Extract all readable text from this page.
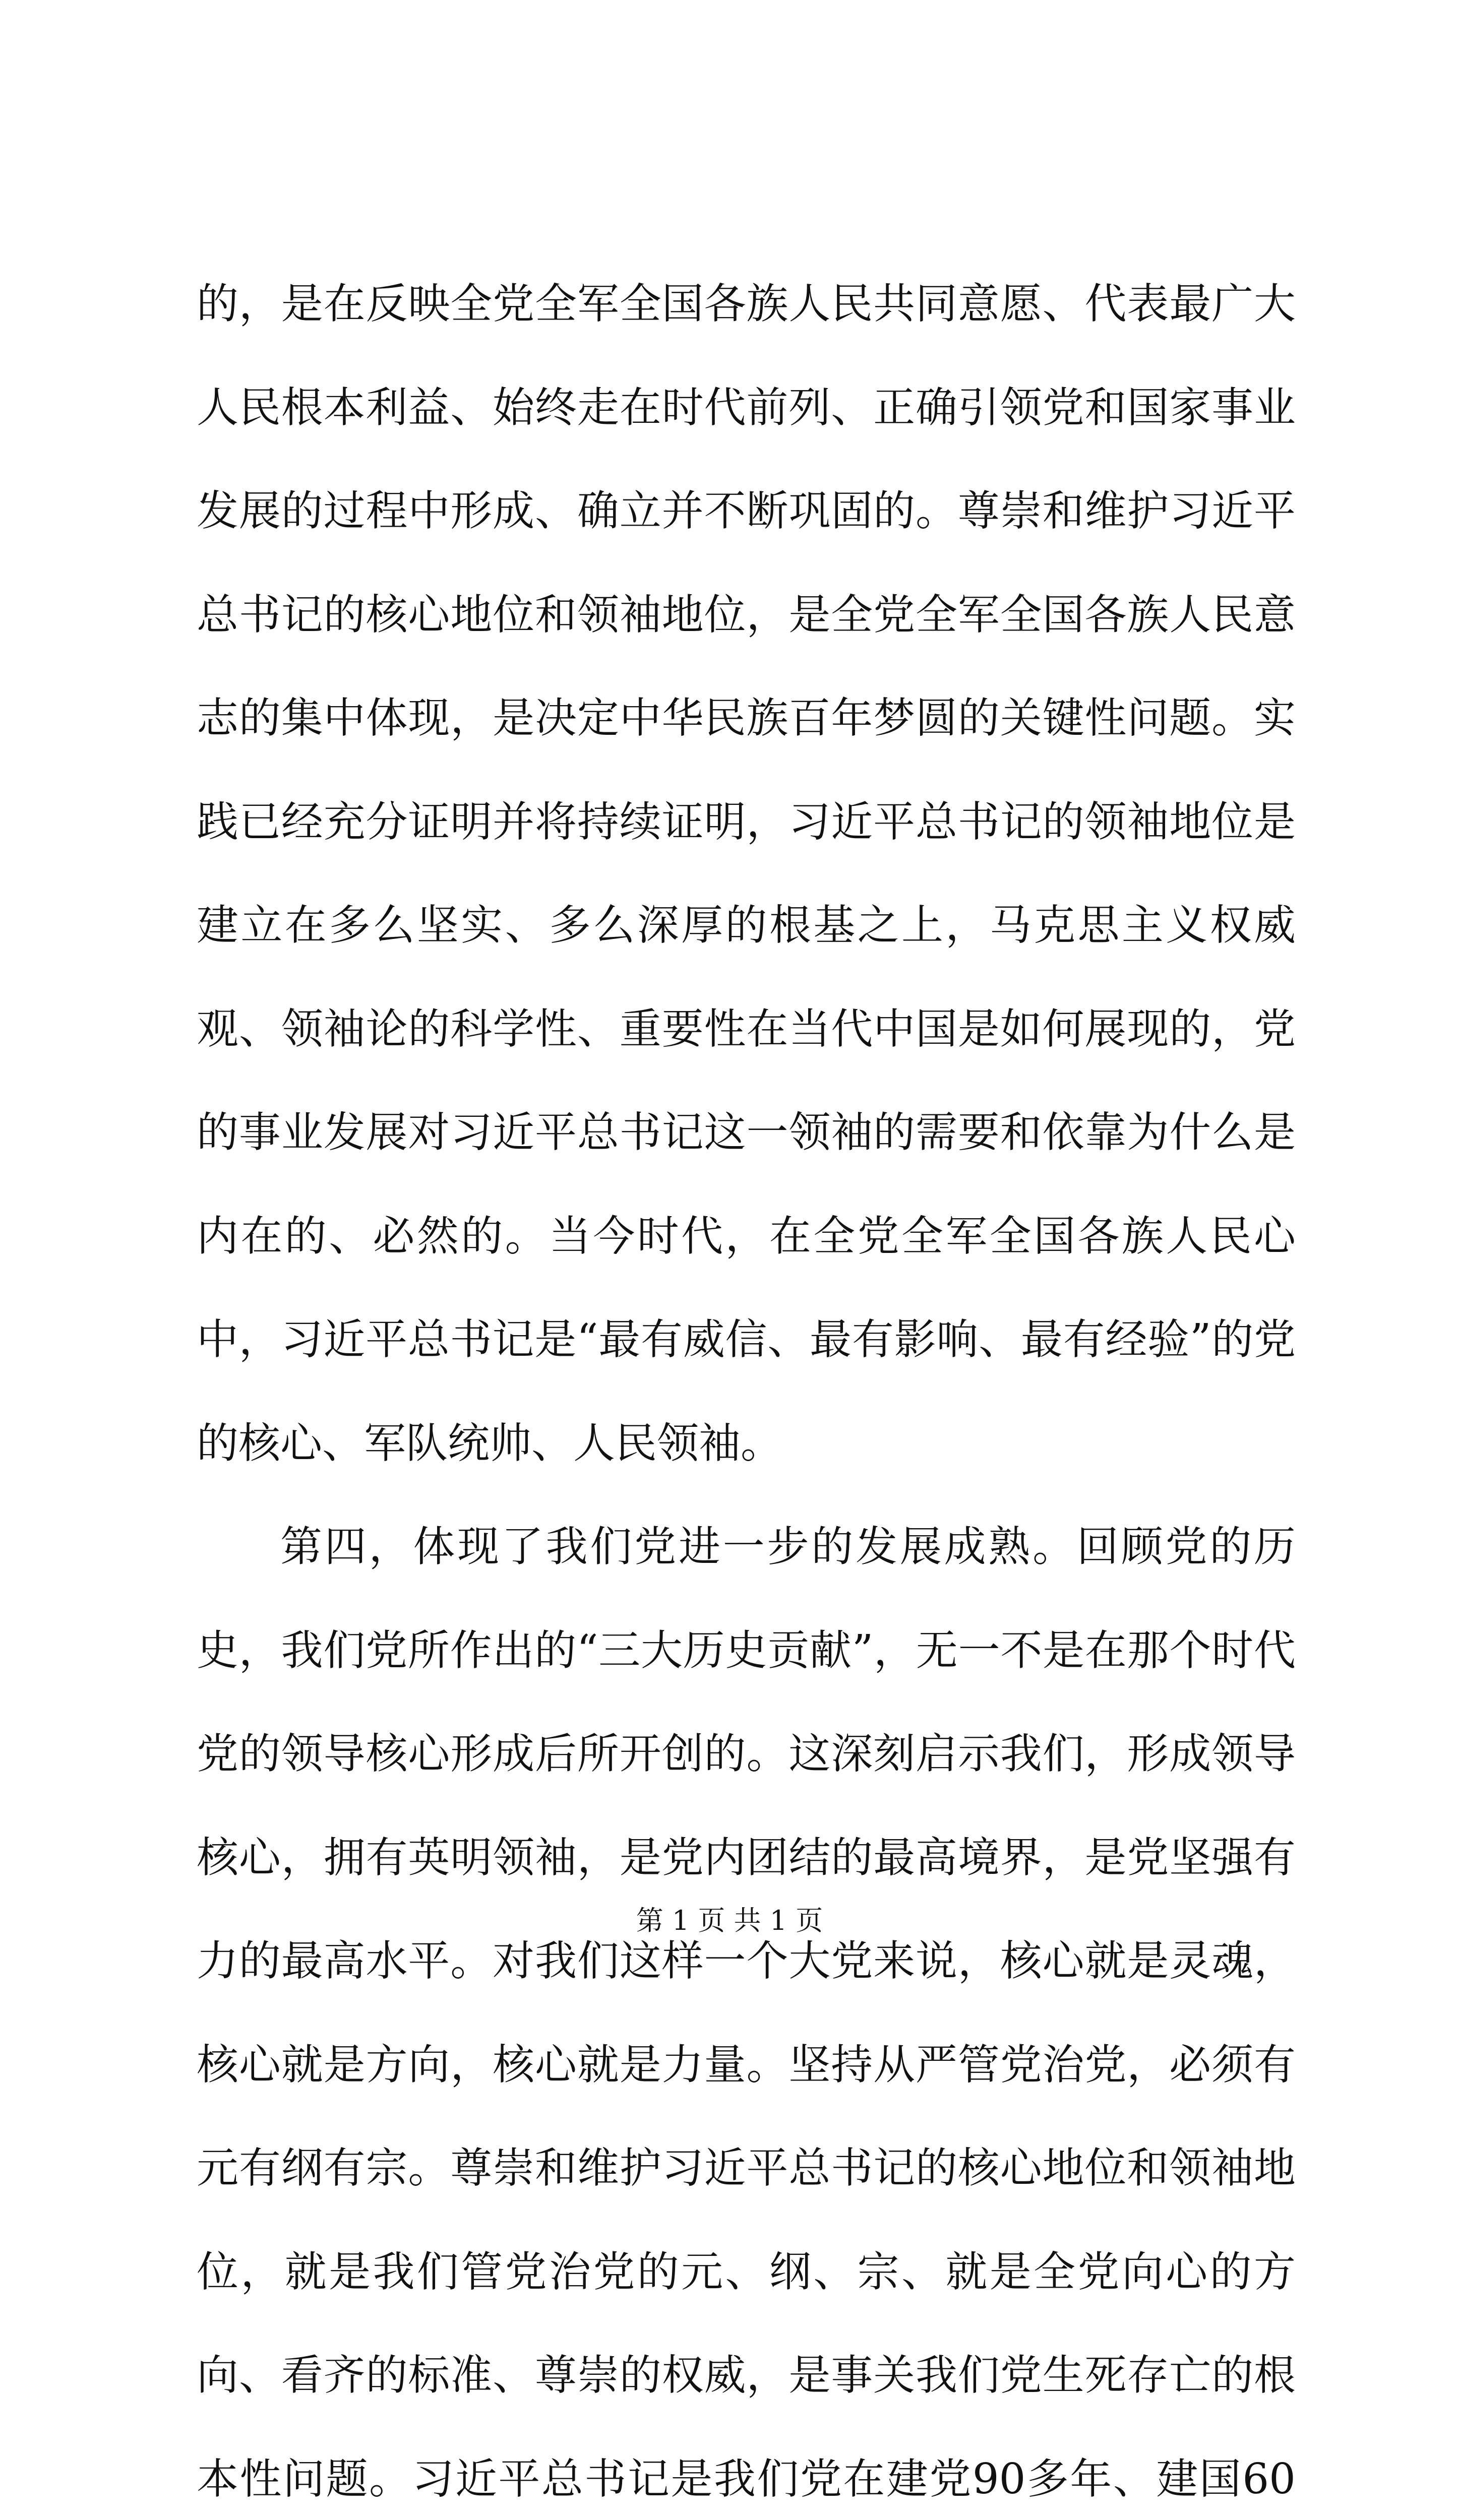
的，是在反映全党全军全国各族人民共同意愿、代表最广大人民根本利益、始终走在时代前列、正确引领党和国家事业发展的过程中形成、确立并不断巩固的。尊崇和维护习近平总书记的核心地位和领袖地位，是全党全军全国各族人民意志的集中体现，是决定中华民族百年梦圆的关键性问题。实践已经充分证明并将持续证明，习近平总书记的领袖地位是建立在多么坚实、多么深厚的根基之上，马克思主义权威观、领袖论的科学性、重要性在当代中国是如何展现的，党的事业发展对习近平总书记这一领袖的需要和依靠为什么是内在的、必然的。当今时代，在全党全军全国各族人民心中，习近平总书记是“最有威信、最有影响、最有经验”的党的核心、军队统帅、人民领袖。

第四，体现了我们党进一步的发展成熟。回顾党的历史，我们党所作出的“三大历史贡献”，无一不是在那个时代党的领导核心形成后所开创的。这深刻启示我们，形成领导核心，拥有英明领袖，是党内团结的最高境界，是党坚强有力的最高水平。对我们这样一个大党来说，核心就是灵魂，核心就是方向，核心就是力量。坚持从严管党治党，必须有元有纲有宗。尊崇和维护习近平总书记的核心地位和领袖地位，就是我们管党治党的元、纲、宗、就是全党向心的方向、看齐的标准、尊崇的权威，是事关我们党生死存亡的根本性问题。习近平总书记是我们党在建党90多年、建国60

第 1 页 共 1 页
